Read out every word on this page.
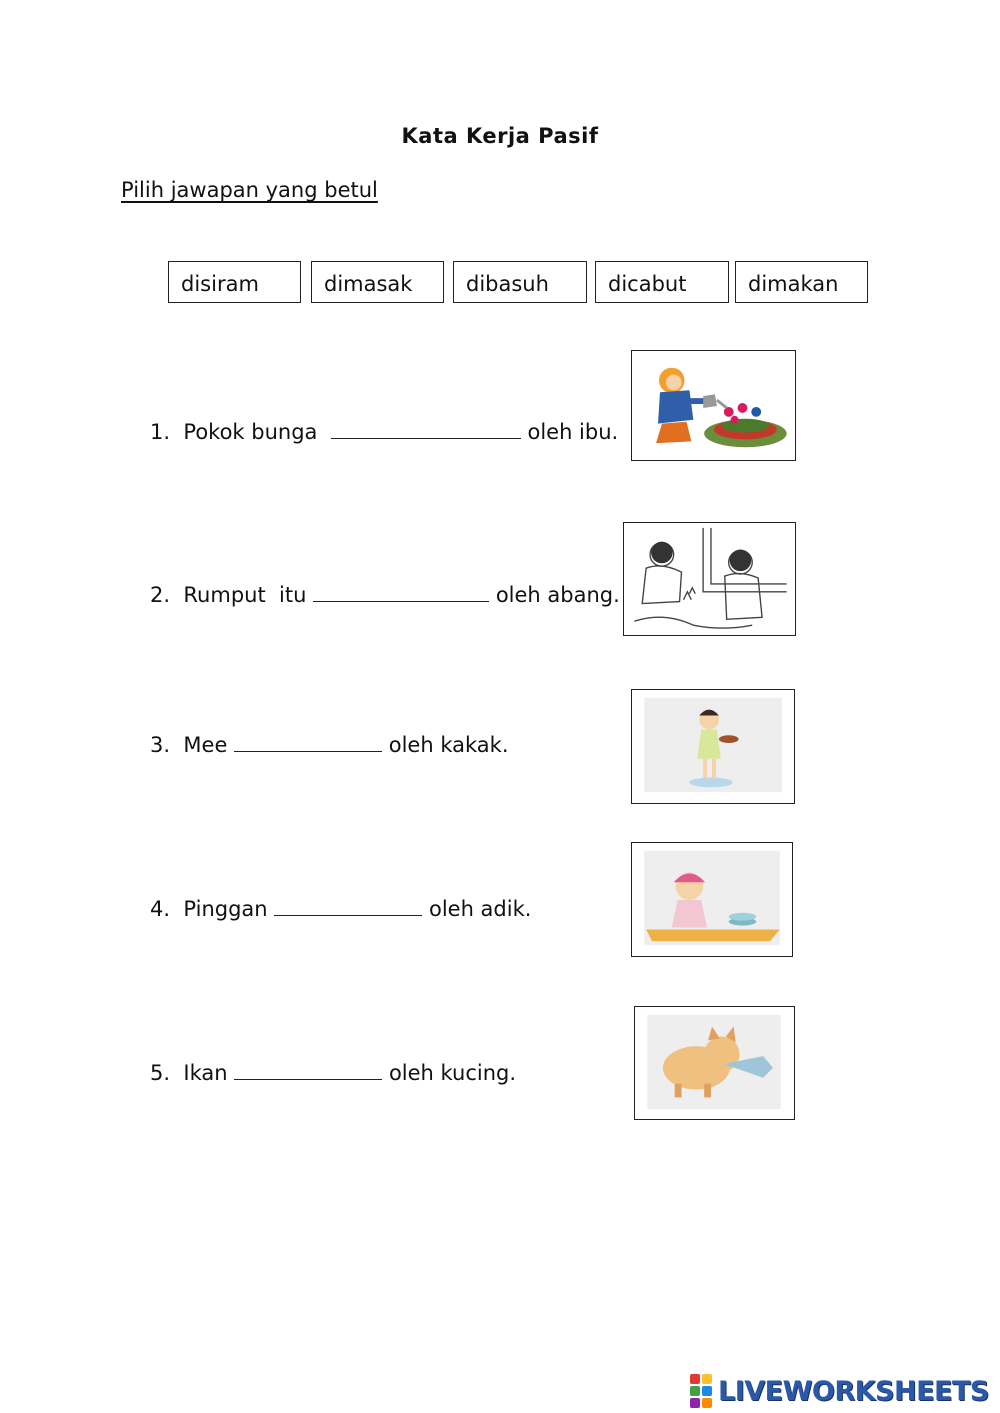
Kata Kerja Pasif
Pilih jawapan yang betul
disiram	dimasak	dibasuh	dicabut	dimakan
1. Pokok bunga	oleh ibu.
2. Rumput  itu	oleh abang.
3. Mee	oleh kakak.
4. Pinggan	oleh adik.
5. Ikan	oleh kucing.
LIVEWORKSHEETS
